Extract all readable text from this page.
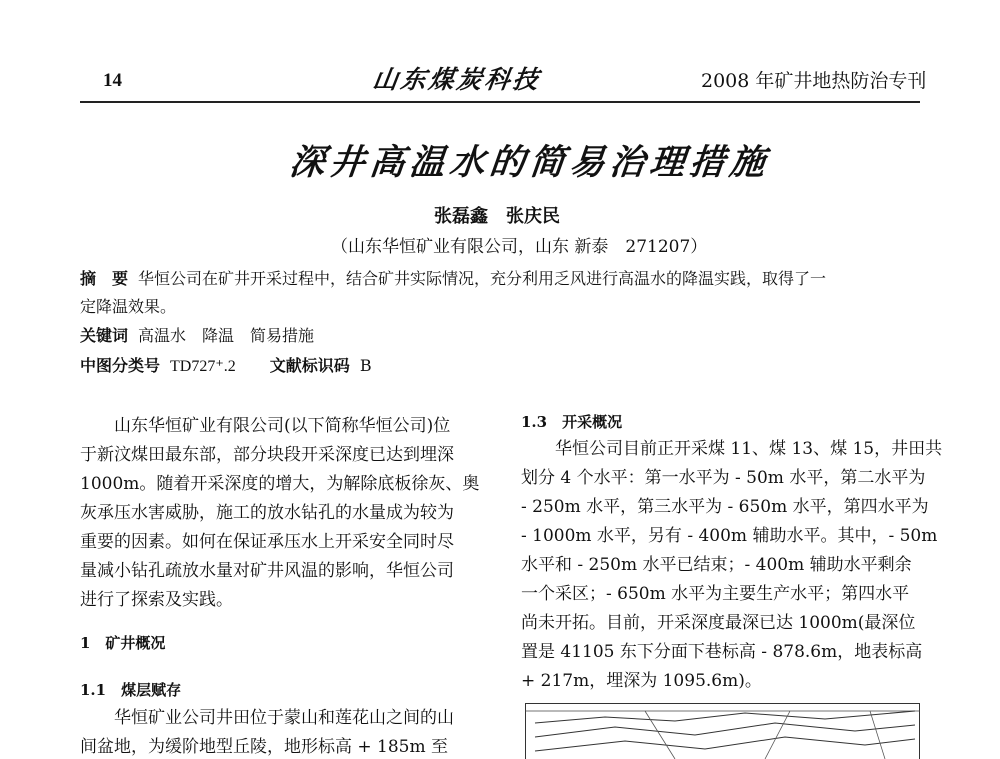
14	山东煤炭科技	2008 年矿井地热防治专刊
深井高温水的简易治理措施
张磊鑫　张庆民
（山东华恒矿业有限公司，山东 新泰　271207）
摘　要 华恒公司在矿井开采过程中，结合矿井实际情况，充分利用乏风进行高温水的降温实践，取得了一
定降温效果。
关键词 高温水　降温　简易措施
中图分类号 TD727⁺.2 文献标识码 B
　　山东华恒矿业有限公司(以下简称华恒公司)位
于新汶煤田最东部，部分块段开采深度已达到埋深
1000m。随着开采深度的增大，为解除底板徐灰、奥
灰承压水害威胁，施工的放水钻孔的水量成为较为
重要的因素。如何在保证承压水上开采安全同时尽
量减小钻孔疏放水量对矿井风温的影响，华恒公司
进行了探索及实践。
1　矿井概况
1.1　煤层赋存
　　华恒矿业公司井田位于蒙山和莲花山之间的山
间盆地，为缓阶地型丘陵，地形标高 + 185m 至
1.3　开采概况
　　华恒公司目前正开采煤 11、煤 13、煤 15，井田共
划分 4 个水平：第一水平为 - 50m 水平，第二水平为
- 250m 水平，第三水平为 - 650m 水平，第四水平为
- 1000m 水平，另有 - 400m 辅助水平。其中，- 50m
水平和 - 250m 水平已结束；- 400m 辅助水平剩余
一个采区；- 650m 水平为主要生产水平；第四水平
尚未开拓。目前，开采深度最深已达 1000m(最深位
置是 41105 东下分面下巷标高 - 878.6m，地表标高
+ 217m，埋深为 1095.6m)。
